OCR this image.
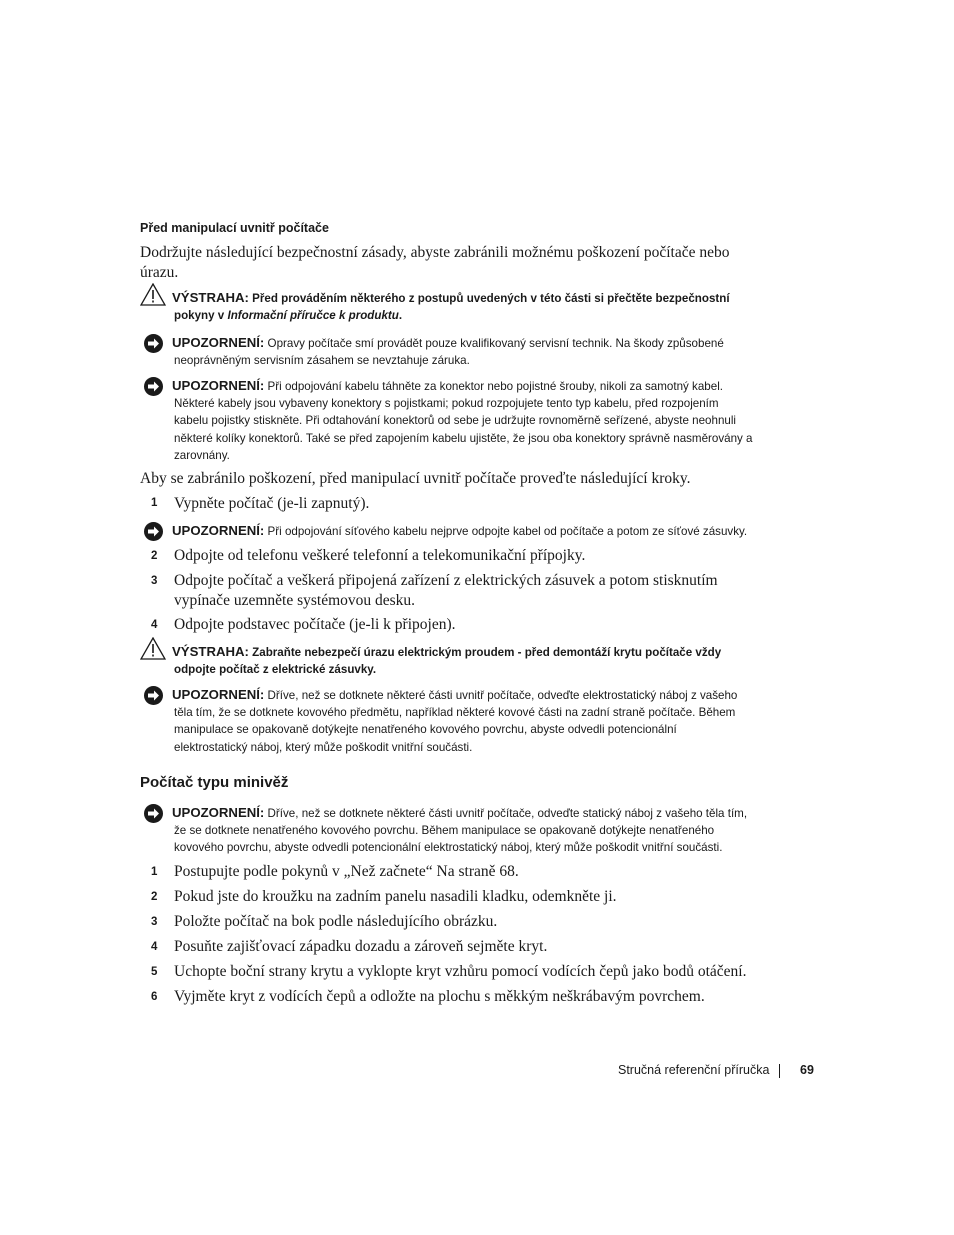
Před manipulací uvnitř počítače
Dodržujte následující bezpečnostní zásady, abyste zabránili možnému poškození počítače nebo
úrazu.
VÝSTRAHA: Před prováděním některého z postupů uvedených v této části si přečtěte bezpečnostní
pokyny v Informační příručce k produktu.
UPOZORNENÍ: Opravy počítače smí provádět pouze kvalifikovaný servisní technik. Na škody způsobené
neoprávněným servisním zásahem se nevztahuje záruka.
UPOZORNENÍ: Při odpojování kabelu táhněte za konektor nebo pojistné šrouby, nikoli za samotný kabel.
Některé kabely jsou vybaveny konektory s pojistkami; pokud rozpojujete tento typ kabelu, před rozpojením
kabelu pojistky stiskněte. Při odtahování konektorů od sebe je udržujte rovnoměrně seřízené, abyste neohnuli
některé kolíky konektorů. Také se před zapojením kabelu ujistěte, že jsou oba konektory správně nasměrovány a
zarovnány.
Aby se zabránilo poškození, před manipulací uvnitř počítače proveďte následující kroky.
1 Vypněte počítač (je-li zapnutý).
UPOZORNENÍ: Při odpojování síťového kabelu nejprve odpojte kabel od počítače a potom ze síťové zásuvky.
2 Odpojte od telefonu veškeré telefonní a telekomunikační přípojky.
3 Odpojte počítač a veškerá připojená zařízení z elektrických zásuvek a potom stisknutím
vypínače uzemněte systémovou desku.
4 Odpojte podstavec počítače (je-li k připojen).
VÝSTRAHA: Zabraňte nebezpečí úrazu elektrickým proudem - před demontáží krytu počítače vždy
odpojte počítač z elektrické zásuvky.
UPOZORNENÍ: Dříve, než se dotknete některé části uvnitř počítače, odveďte elektrostatický náboj z vašeho
těla tím, že se dotknete kovového předmětu, například některé kovové části na zadní straně počítače. Během
manipulace se opakovaně dotýkejte nenatřeného kovového povrchu, abyste odvedli potencionální
elektrostatický náboj, který může poškodit vnitřní součásti.
Počítač typu minivěž
UPOZORNENÍ: Dříve, než se dotknete některé části uvnitř počítače, odveďte statický náboj z vašeho těla tím,
že se dotknete nenatřeného kovového povrchu. Během manipulace se opakovaně dotýkejte nenatřeného
kovového povrchu, abyste odvedli potencionální elektrostatický náboj, který může poškodit vnitřní součásti.
1 Postupujte podle pokynů v „Než začnete“ Na straně 68.
2 Pokud jste do kroužku na zadním panelu nasadili kladku, odemkněte ji.
3 Položte počítač na bok podle následujícího obrázku.
4 Posuňte zajišťovací západku dozadu a zároveň sejměte kryt.
5 Uchopte boční strany krytu a vyklopte kryt vzhůru pomocí vodících čepů jako bodů otáčení.
6 Vyjměte kryt z vodících čepů a odložte na plochu s měkkým neškrábavým povrchem.
Stručná referenční příručka 69
